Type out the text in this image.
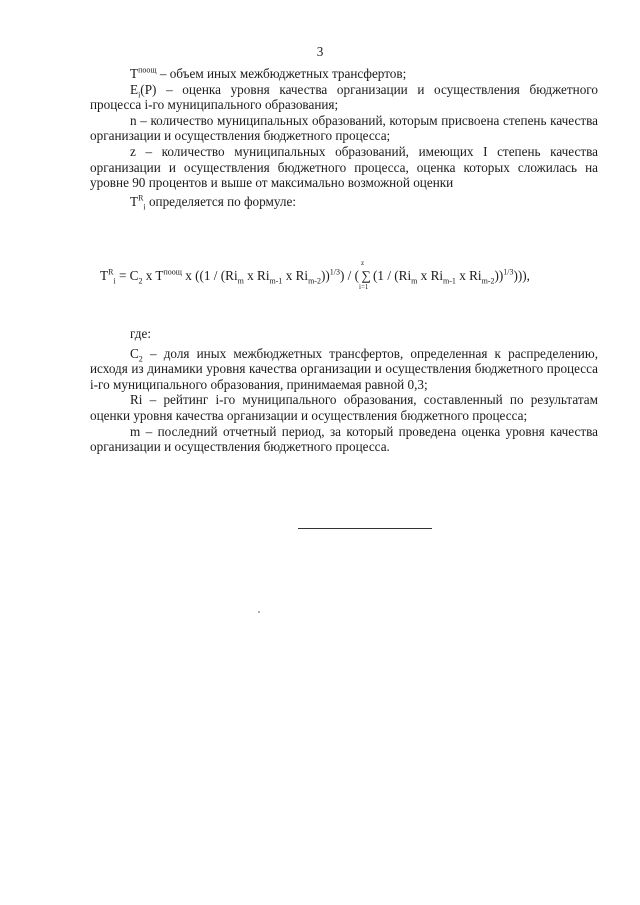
3

$T^{поощ}$ – объем иных межбюджетных трансфертов;

$E_i(P)$ – оценка уровня качества организации и осуществления бюджетного процесса i-го муниципального образования;

n – количество муниципальных образований, которым присвоена степень качества организации и осуществления бюджетного процесса;

z – количество муниципальных образований, имеющих I степень качества организации и осуществления бюджетного процесса, оценка которых сложилась на уровне 90 процентов и выше от максимально возможной оценки

$T^R_i$ определяется по формуле:

$T^R_i = C_2$ x $T^{поощ}$ x (($1 / (Ri_m$ x $Ri_{m-1}$ x $Ri_{m-2}))^{1/3}$) / (
z
∑
i=1
($1 / (Ri_m$ x $Ri_{m-1}$ x $Ri_{m-2}))^{1/3}$))),

где:

$C_2$ – доля иных межбюджетных трансфертов, определенная к распределению, исходя из динамики уровня качества организации и осуществления бюджетного процесса i-го муниципального образования, принимаемая равной 0,3;

Ri – рейтинг i-го муниципального образования, составленный по результатам оценки уровня качества организации и осуществления бюджетного процесса;

m – последний отчетный период, за который проведена оценка уровня качества организации и осуществления бюджетного процесса.
